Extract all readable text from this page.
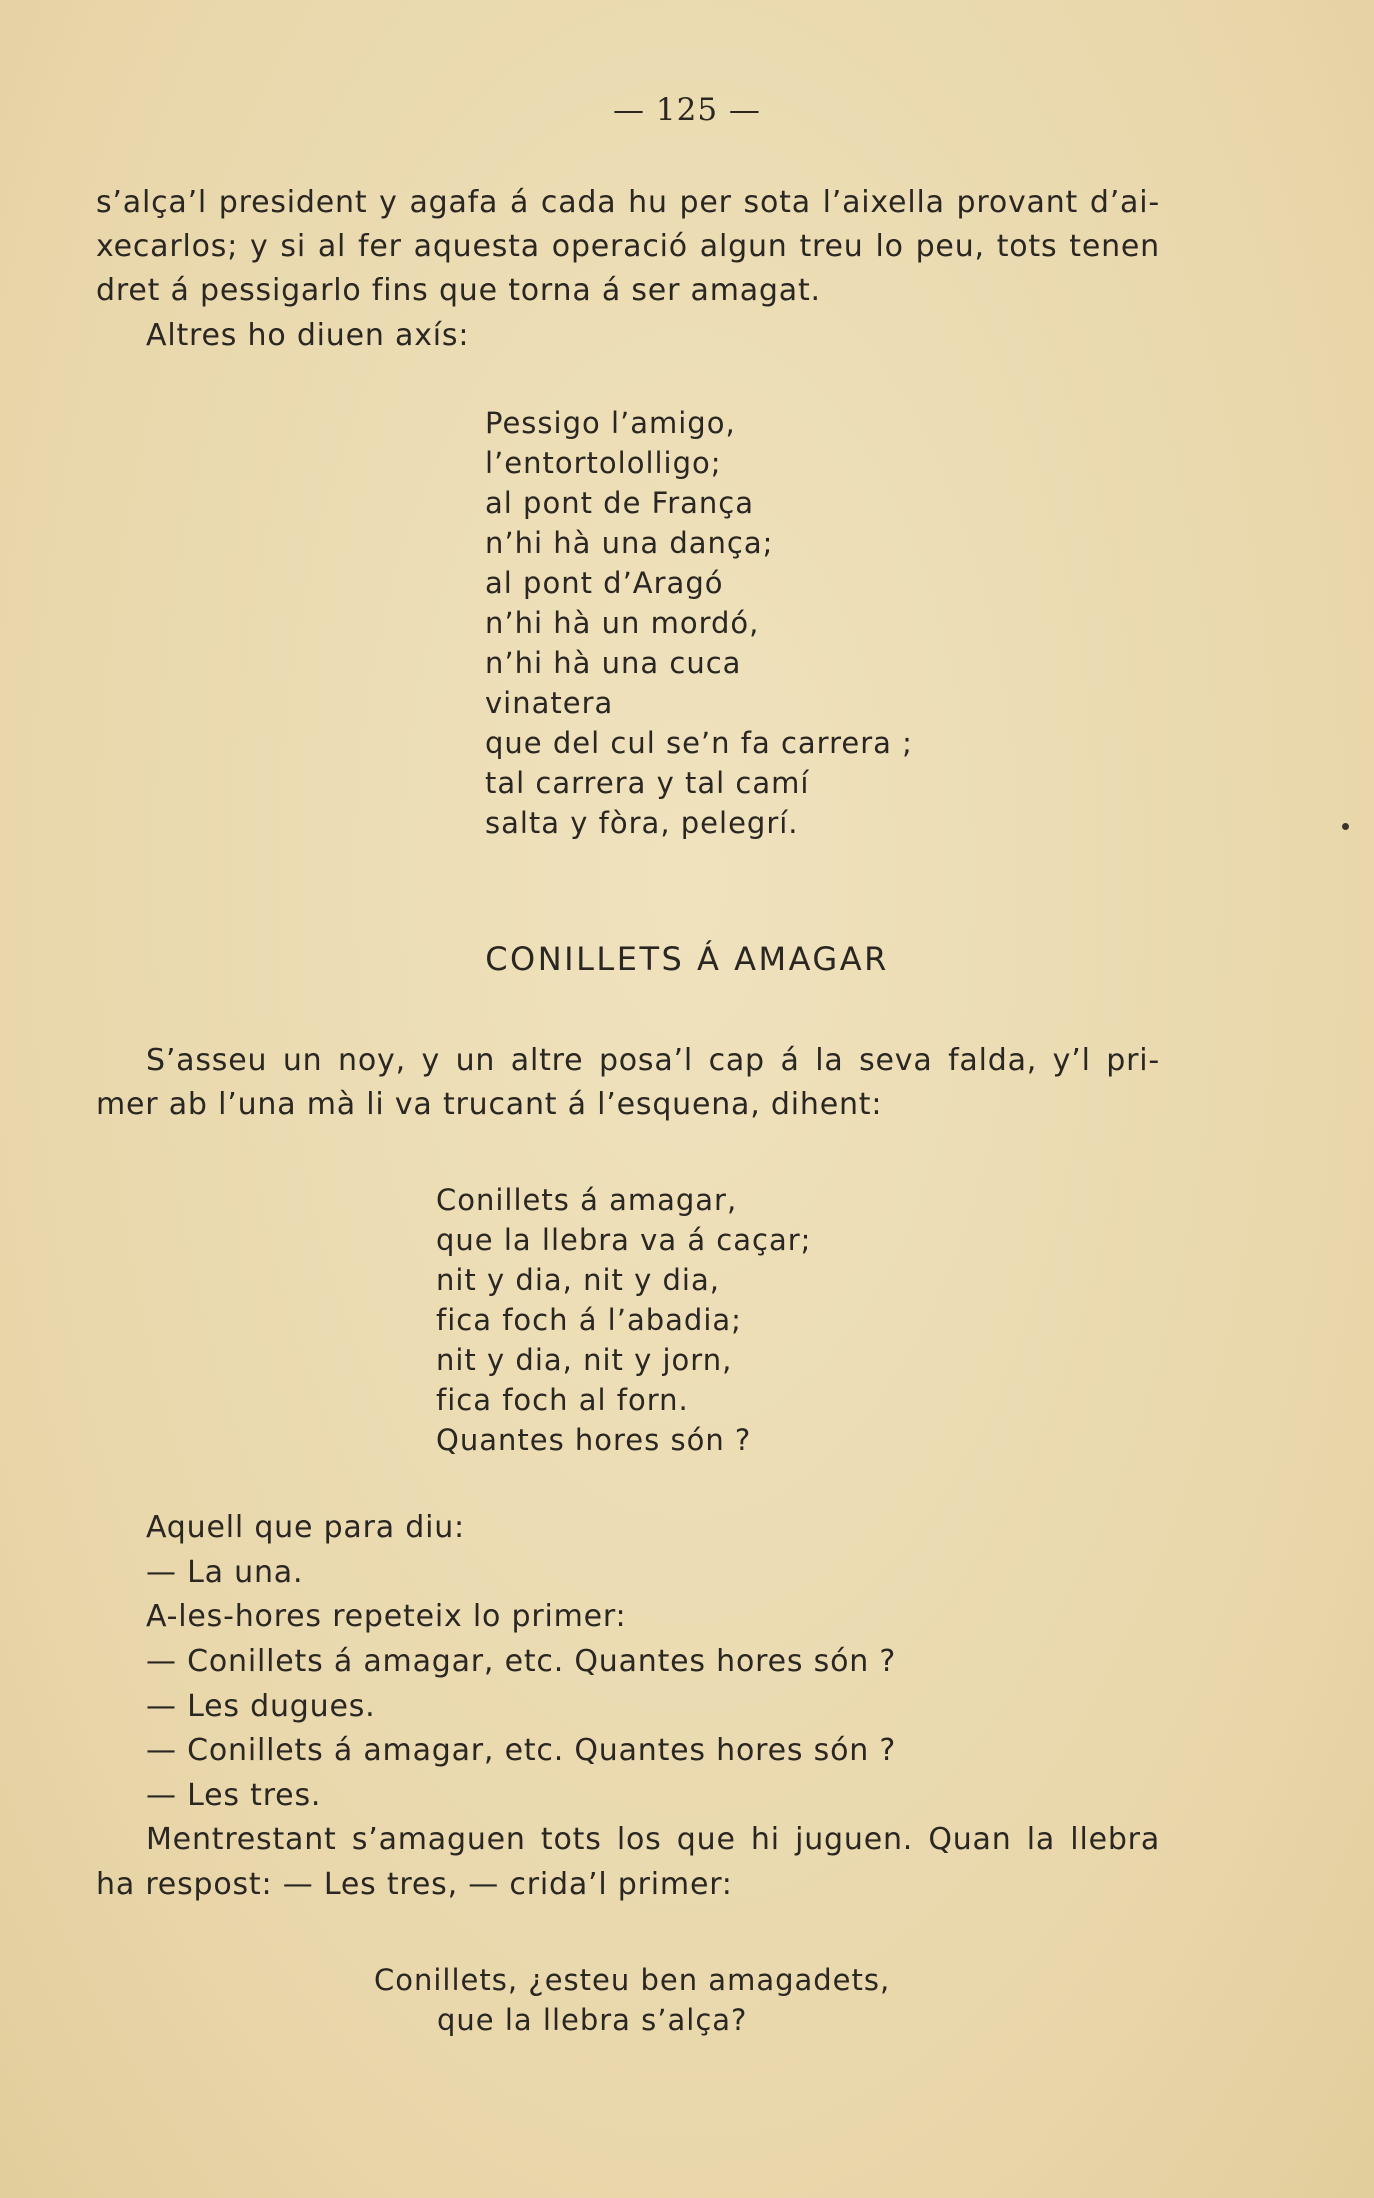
— 125 —
s’alça’l president y agafa á cada hu per sota l’aixella provant d’ai-
xecarlos; y si al fer aquesta operació algun treu lo peu, tots tenen
dret á pessigarlo fins que torna á ser amagat.
Altres ho diuen axís:
Pessigo l’amigo,
l’entortololligo;
al pont de França
n’hi hà una dança;
al pont d’Aragó
n’hi hà un mordó,
n’hi hà una cuca
vinatera
que del cul se’n fa carrera ;
tal carrera y tal camí
salta y fòra, pelegrí.
CONILLETS Á AMAGAR
S’asseu un noy, y un altre posa’l cap á la seva falda, y’l pri-
mer ab l’una mà li va trucant á l’esquena, dihent:
Conillets á amagar,
que la llebra va á caçar;
nit y dia, nit y dia,
fica foch á l’abadia;
nit y dia, nit y jorn,
fica foch al forn.
Quantes hores són ?
Aquell que para diu:
— La una.
A-les-hores repeteix lo primer:
— Conillets á amagar, etc. Quantes hores són ?
— Les dugues.
— Conillets á amagar, etc. Quantes hores són ?
— Les tres.
Mentrestant s’amaguen tots los que hi juguen. Quan la llebra
ha respost: — Les tres, — crida’l primer:
Conillets, ¿esteu ben amagadets,
que la llebra s’alça?
